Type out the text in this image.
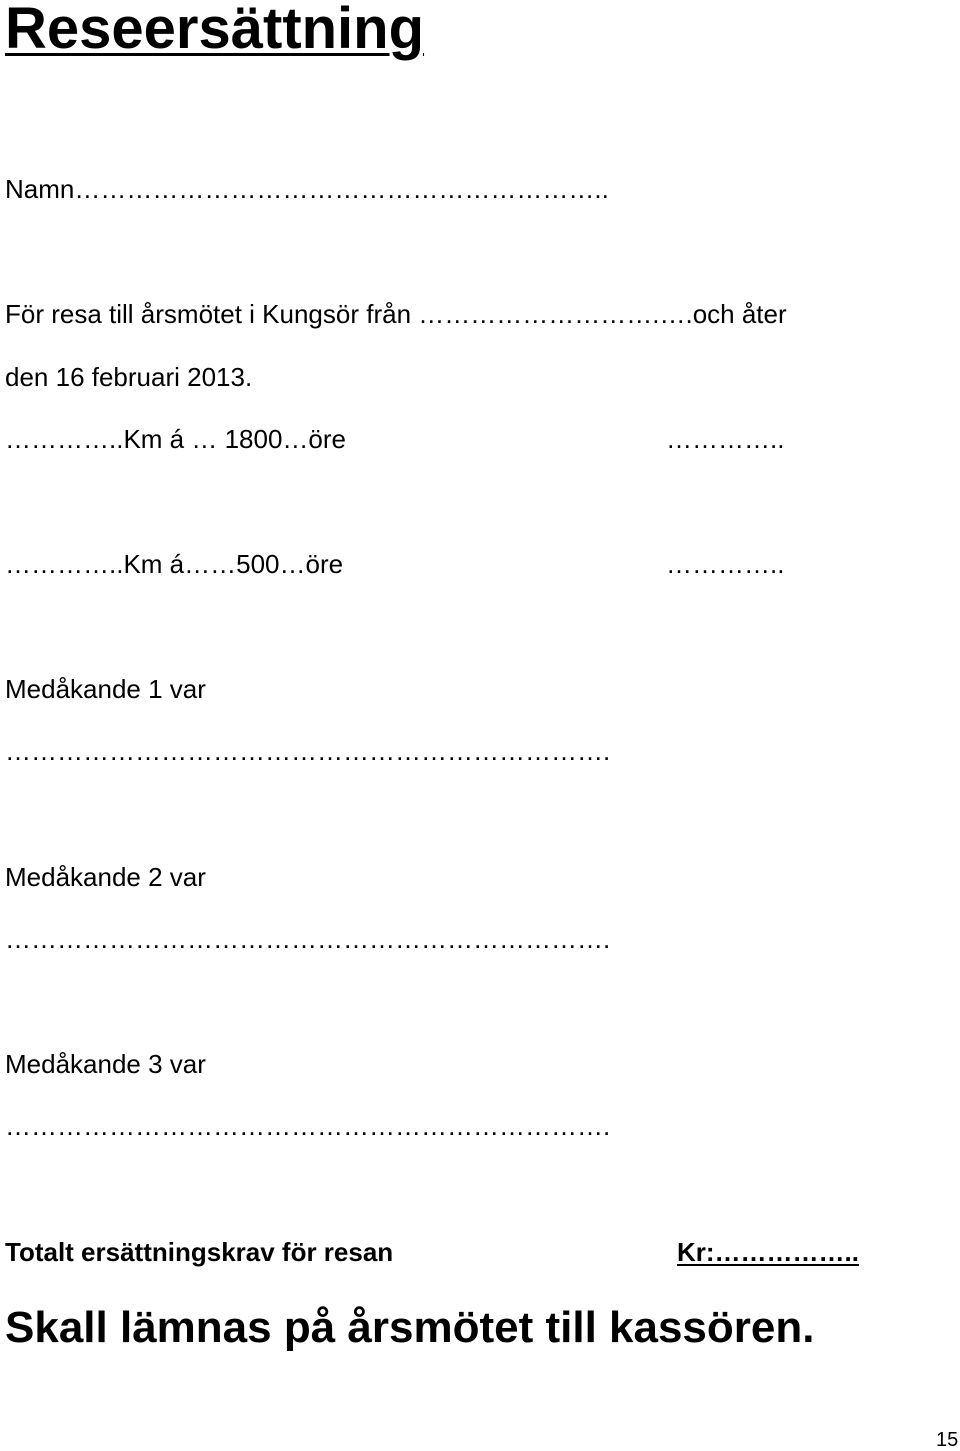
Reseersättning
Namn……………………………………………………..
För resa till årsmötet i Kungsör från ……………………….….och åter
den 16 februari 2013.
…………..Km á … 1800…öre	…………..
…………..Km á……500…öre	…………..
Medåkande 1 var
…………………………………………………………….
Medåkande 2 var
…………………………………………………………….
Medåkande 3 var
…………………………………………………………….
Totalt ersättningskrav för resan	Kr:……………..
Skall lämnas på årsmötet till kassören.
15
